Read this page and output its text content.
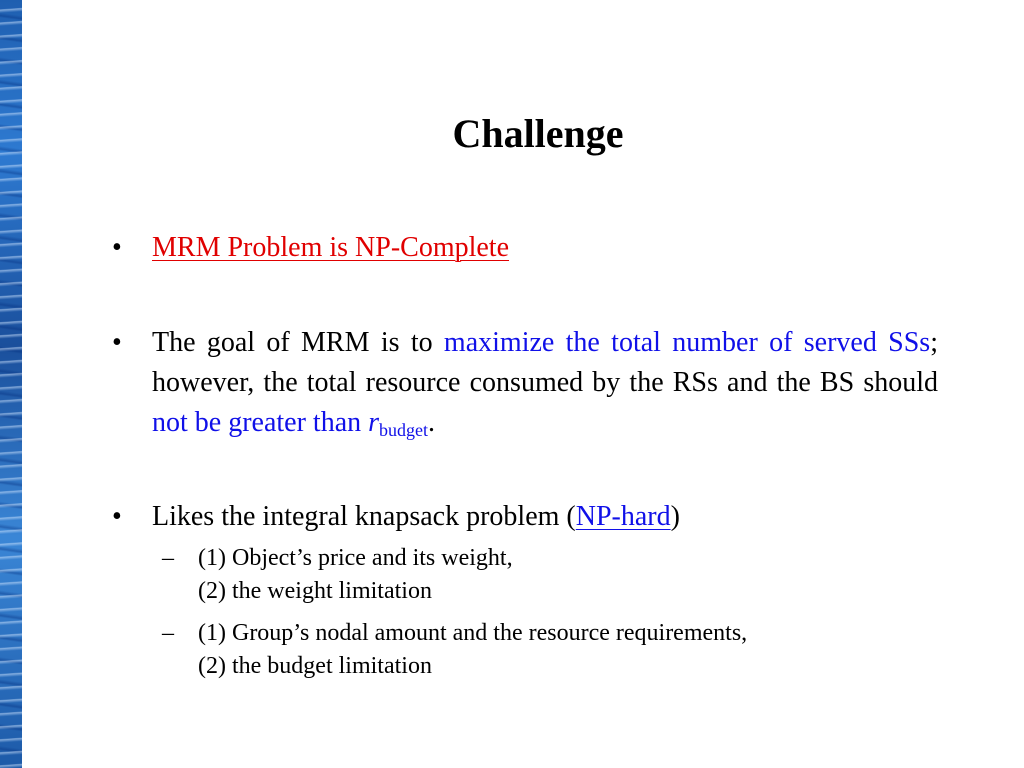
Challenge
•	MRM Problem is NP-Complete
•	The goal of MRM is to maximize the total number of served SSs; however, the total resource consumed by the RSs and the BS should not be greater than $r_{budget}$.
•	Likes the integral knapsack problem (NP-hard)
–	(1) Object’s price and its weight,
(2) the weight limitation
–	(1) Group’s nodal amount and the resource requirements,
(2) the budget limitation
